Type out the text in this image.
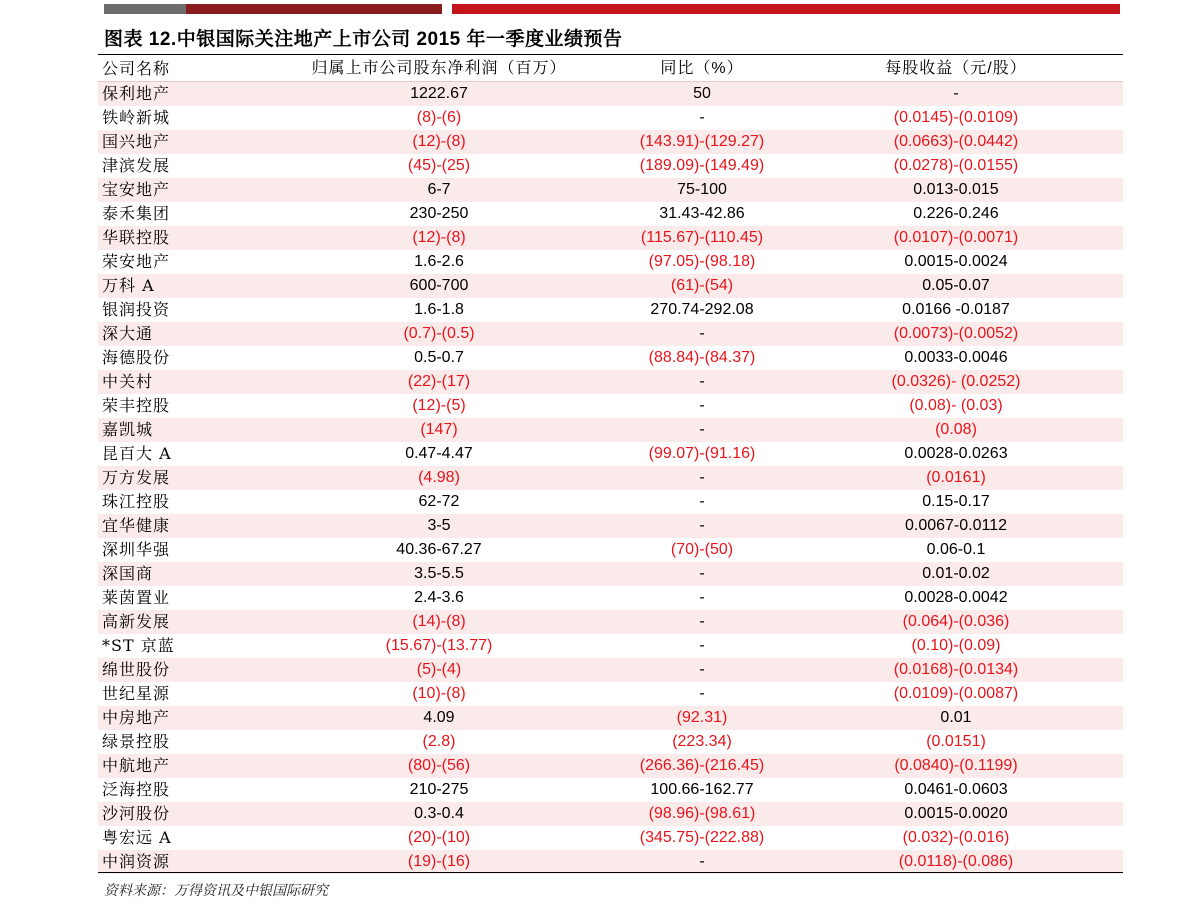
图表 12.中银国际关注地产上市公司 2015 年一季度业绩预告
公司名称	归属上市公司股东净利润（百万）	同比（%）	每股收益（元/股）
保利地产	1222.67	50	-
铁岭新城	(8)-(6)	-	(0.0145)-(0.0109)
国兴地产	(12)-(8)	(143.91)-(129.27)	(0.0663)-(0.0442)
津滨发展	(45)-(25)	(189.09)-(149.49)	(0.0278)-(0.0155)
宝安地产	6-7	75-100	0.013-0.015
泰禾集团	230-250	31.43-42.86	0.226-0.246
华联控股	(12)-(8)	(115.67)-(110.45)	(0.0107)-(0.0071)
荣安地产	1.6-2.6	(97.05)-(98.18)	0.0015-0.0024
万科 A	600-700	(61)-(54)	0.05-0.07
银润投资	1.6-1.8	270.74-292.08	0.0166 -0.0187
深大通	(0.7)-(0.5)	-	(0.0073)-(0.0052)
海德股份	0.5-0.7	(88.84)-(84.37)	0.0033-0.0046
中关村	(22)-(17)	-	(0.0326)- (0.0252)
荣丰控股	(12)-(5)	-	(0.08)- (0.03)
嘉凯城	(147)	-	(0.08)
昆百大 A	0.47-4.47	(99.07)-(91.16)	0.0028-0.0263
万方发展	(4.98)	-	(0.0161)
珠江控股	62-72	-	0.15-0.17
宜华健康	3-5	-	0.0067-0.0112
深圳华强	40.36-67.27	(70)-(50)	0.06-0.1
深国商	3.5-5.5	-	0.01-0.02
莱茵置业	2.4-3.6	-	0.0028-0.0042
高新发展	(14)-(8)	-	(0.064)-(0.036)
*ST 京蓝	(15.67)-(13.77)	-	(0.10)-(0.09)
绵世股份	(5)-(4)	-	(0.0168)-(0.0134)
世纪星源	(10)-(8)	-	(0.0109)-(0.0087)
中房地产	4.09	(92.31)	0.01
绿景控股	(2.8)	(223.34)	(0.0151)
中航地产	(80)-(56)	(266.36)-(216.45)	(0.0840)-(0.1199)
泛海控股	210-275	100.66-162.77	0.0461-0.0603
沙河股份	0.3-0.4	(98.96)-(98.61)	0.0015-0.0020
粤宏远 A	(20)-(10)	(345.75)-(222.88)	(0.032)-(0.016)
中润资源	(19)-(16)	-	(0.0118)-(0.086)
资料来源：万得资讯及中银国际研究
